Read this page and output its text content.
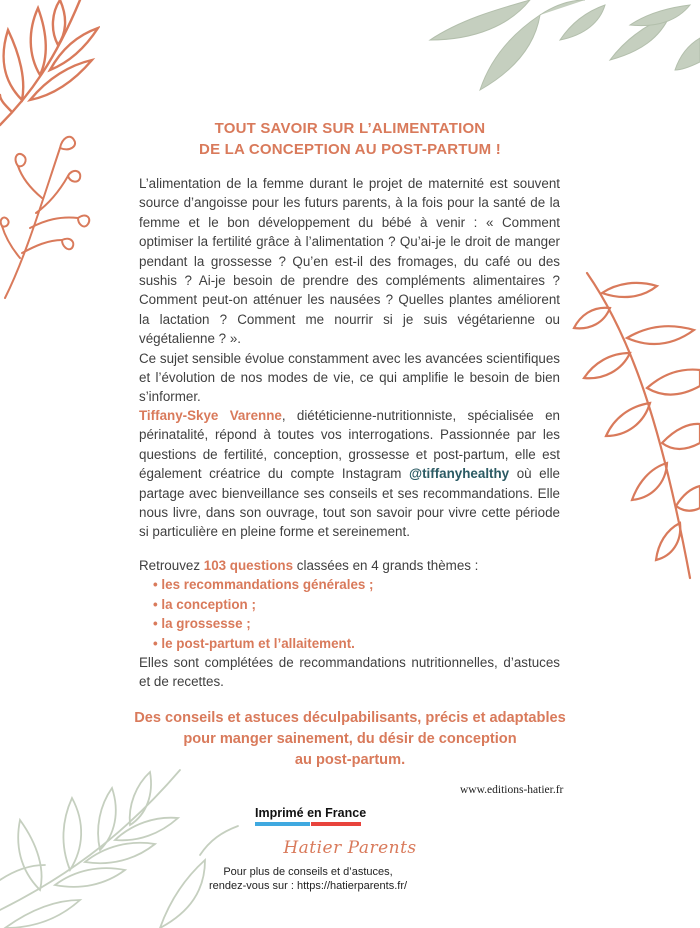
TOUT SAVOIR SUR L’ALIMENTATION
DE LA CONCEPTION AU POST-PARTUM !

L’alimentation de la femme durant le projet de maternité est souvent source d’angoisse pour les futurs parents, à la fois pour la santé de la femme et le bon développement du bébé à venir : « Comment optimiser la fertilité grâce à l’alimentation ? Qu’ai-je le droit de manger pendant la grossesse ? Qu’en est-il des fromages, du café ou des sushis ? Ai-je besoin de prendre des compléments alimentaires ? Comment peut-on atténuer les nausées ? Quelles plantes améliorent la lactation ? Comment me nourrir si je suis végétarienne ou végétalienne ? ».

Ce sujet sensible évolue constamment avec les avancées scientifiques et l’évolution de nos modes de vie, ce qui amplifie le besoin de bien s’informer.

Tiffany-Skye Varenne, diététicienne-nutritionniste, spécialisée en périnatalité, répond à toutes vos interrogations. Passionnée par les questions de fertilité, conception, grossesse et post-partum, elle est également créatrice du compte Instagram @tiffanyhealthy où elle partage avec bienveillance ses conseils et ses recommandations. Elle nous livre, dans son ouvrage, tout son savoir pour vivre cette période si particulière en pleine forme et sereinement.

Retrouvez 103 questions classées en 4 grands thèmes :

• les recommandations générales ;
• la conception ;
• la grossesse ;
• le post-partum et l’allaitement.

Elles sont complétées de recommandations nutritionnelles, d’astuces et de recettes.

Des conseils et astuces déculpabilisants, précis et adaptables
pour manger sainement, du désir de conception
au post-partum.
www.editions-hatier.fr
Imprimé en France
Hatier Parents
Pour plus de conseils et d’astuces,
rendez-vous sur : https://hatierparents.fr/
